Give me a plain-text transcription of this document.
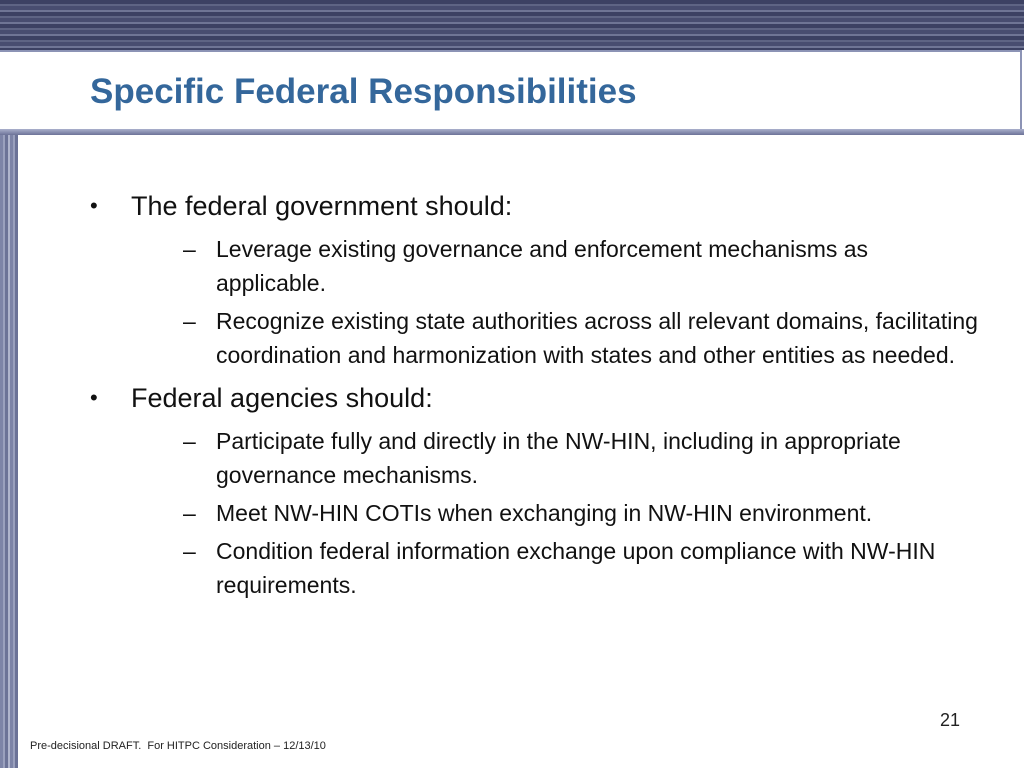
Specific Federal Responsibilities
•	The federal government should:
– Leverage existing governance and enforcement mechanisms as applicable.
– Recognize existing state authorities across all relevant domains, facilitating coordination and harmonization with states and other entities as needed.
•	Federal agencies should:
– Participate fully and directly in the NW-HIN, including in appropriate governance mechanisms.
– Meet NW-HIN COTIs when exchanging in NW-HIN environment.
– Condition federal information exchange upon compliance with NW-HIN requirements.
21
Pre-decisional DRAFT.  For HITPC Consideration – 12/13/10
